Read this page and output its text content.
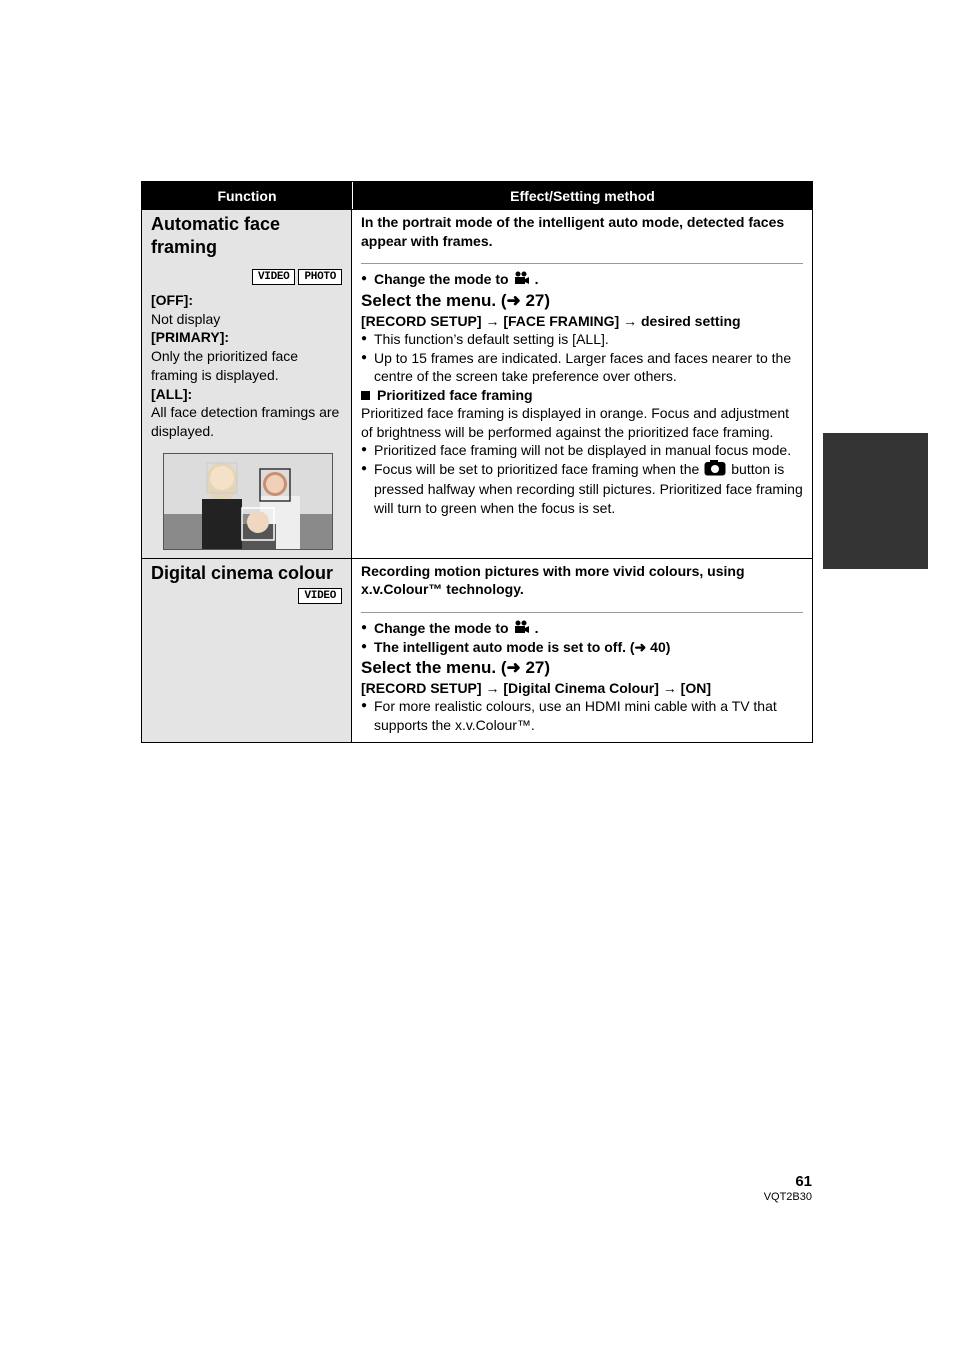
Function	Effect/Setting method
Automatic face framing
VIDEO	PHOTO
[OFF]:
Not display
[PRIMARY]:
Only the prioritized face framing is displayed.
[ALL]:
All face detection framings are displayed.
In the portrait mode of the intelligent auto mode, detected faces appear with frames.
● Change the mode to .
Select the menu. (➜ 27)
[RECORD SETUP] → [FACE FRAMING] → desired setting
● This function’s default setting is [ALL].
● Up to 15 frames are indicated. Larger faces and faces nearer to the centre of the screen take preference over others.
Prioritized face framing
Prioritized face framing is displayed in orange. Focus and adjustment of brightness will be performed against the prioritized face framing.
● Prioritized face framing will not be displayed in manual focus mode.
● Focus will be set to prioritized face framing when the button is pressed halfway when recording still pictures. Prioritized face framing will turn to green when the focus is set.
Digital cinema colour
VIDEO
Recording motion pictures with more vivid colours, using x.v.Colour™ technology.
● Change the mode to .
● The intelligent auto mode is set to off. (➜ 40)
Select the menu. (➜ 27)
[RECORD SETUP] → [Digital Cinema Colour] → [ON]
● For more realistic colours, use an HDMI mini cable with a TV that supports the x.v.Colour™.
61
VQT2B30
